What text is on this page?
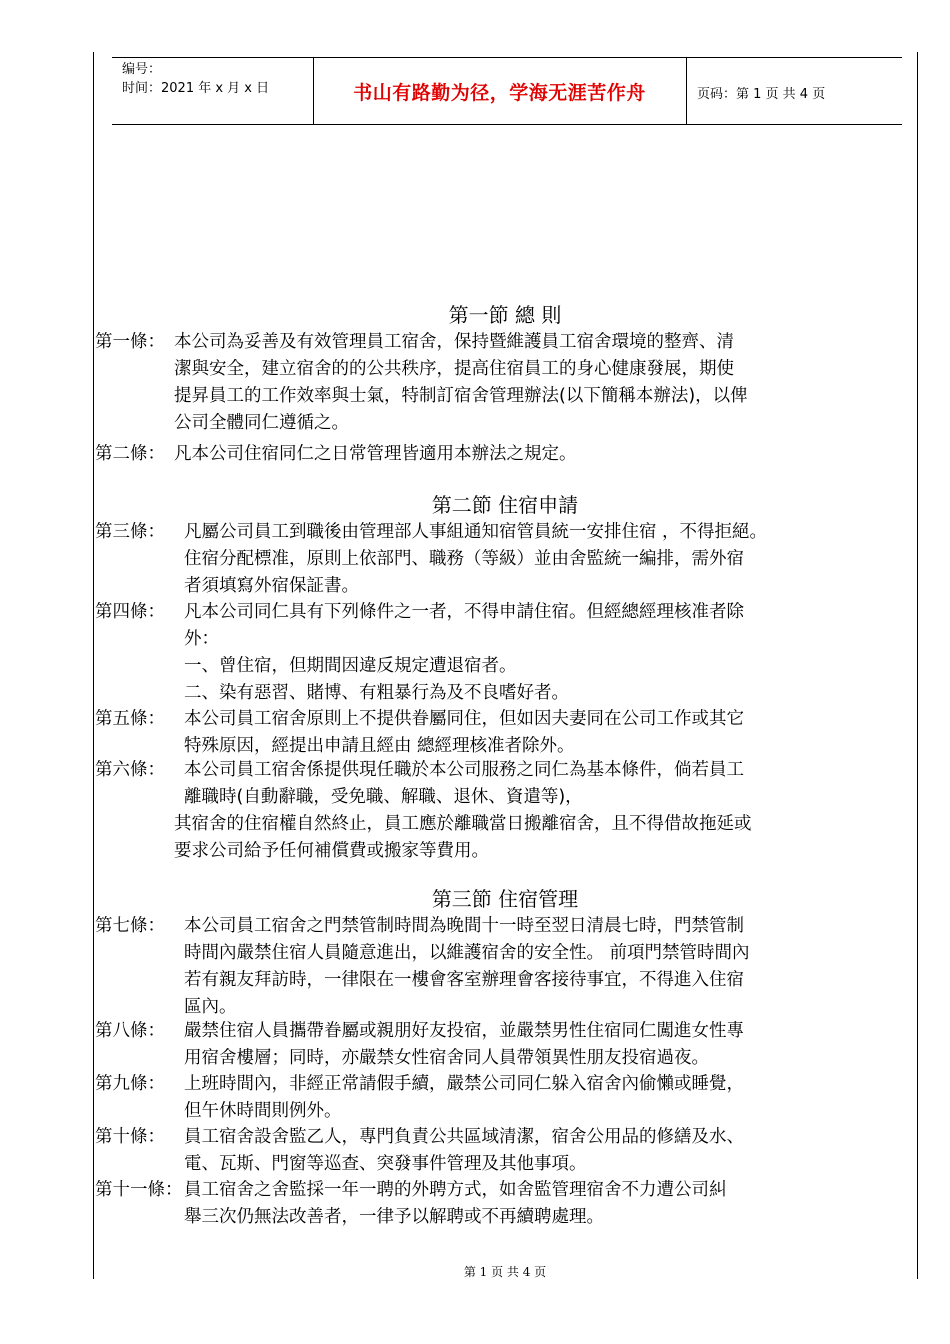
编号：
时间：2021 年 x 月 x 日	书山有路勤为径，学海无涯苦作舟	页码：第 1 页 共 4 页
第一節 總 則
第一條： 本公司為妥善及有效管理員工宿舍，保持暨維護員工宿舍環境的整齊、清
潔與安全，建立宿舍的的公共秩序，提高住宿員工的身心健康發展，期使
提昇員工的工作效率與士氣，特制訂宿舍管理辦法(以下簡稱本辦法)，以俾
公司全體同仁遵循之。
第二條： 凡本公司住宿同仁之日常管理皆適用本辦法之規定。
第二節 住宿申請
第三條： 凡屬公司員工到職後由管理部人事組通知宿管員統一安排住宿 ，不得拒絕。
住宿分配標准，原則上依部門、職務（等級）並由舍監統一編排，需外宿
者須填寫外宿保証書。
第四條： 凡本公司同仁具有下列條件之一者，不得申請住宿。但經總經理核准者除
外：
一、曾住宿，但期間因違反規定遭退宿者。
二、染有惡習、賭博、有粗暴行為及不良嗜好者。
第五條： 本公司員工宿舍原則上不提供眷屬同住，但如因夫妻同在公司工作或其它
特殊原因，經提出申請且經由 總經理核准者除外。
第六條： 本公司員工宿舍係提供現任職於本公司服務之同仁為基本條件，倘若員工
離職時(自動辭職，受免職、解職、退休、資遣等)，
其宿舍的住宿權自然終止，員工應於離職當日搬離宿舍，且不得借故拖延或
要求公司給予任何補償費或搬家等費用。
第三節 住宿管理
第七條： 本公司員工宿舍之門禁管制時間為晚間十一時至翌日清晨七時，門禁管制
時間內嚴禁住宿人員隨意進出，以維護宿舍的安全性。 前項門禁管時間內
若有親友拜訪時，一律限在一樓會客室辦理會客接待事宜，不得進入住宿
區內。
第八條： 嚴禁住宿人員攜帶眷屬或親朋好友投宿，並嚴禁男性住宿同仁闖進女性專
用宿舍樓層；同時，亦嚴禁女性宿舍同人員帶領異性朋友投宿過夜。
第九條： 上班時間內，非經正常請假手續，嚴禁公司同仁躲入宿舍內偷懶或睡覺，
但午休時間則例外。
第十條： 員工宿舍設舍監乙人，專門負責公共區域清潔，宿舍公用品的修繕及水、
電、瓦斯、門窗等巡查、突發事件管理及其他事項。
第十一條： 員工宿舍之舍監採一年一聘的外聘方式，如舍監管理宿舍不力遭公司糾
舉三次仍無法改善者，一律予以解聘或不再續聘處理。
第 1 页 共 4 页
